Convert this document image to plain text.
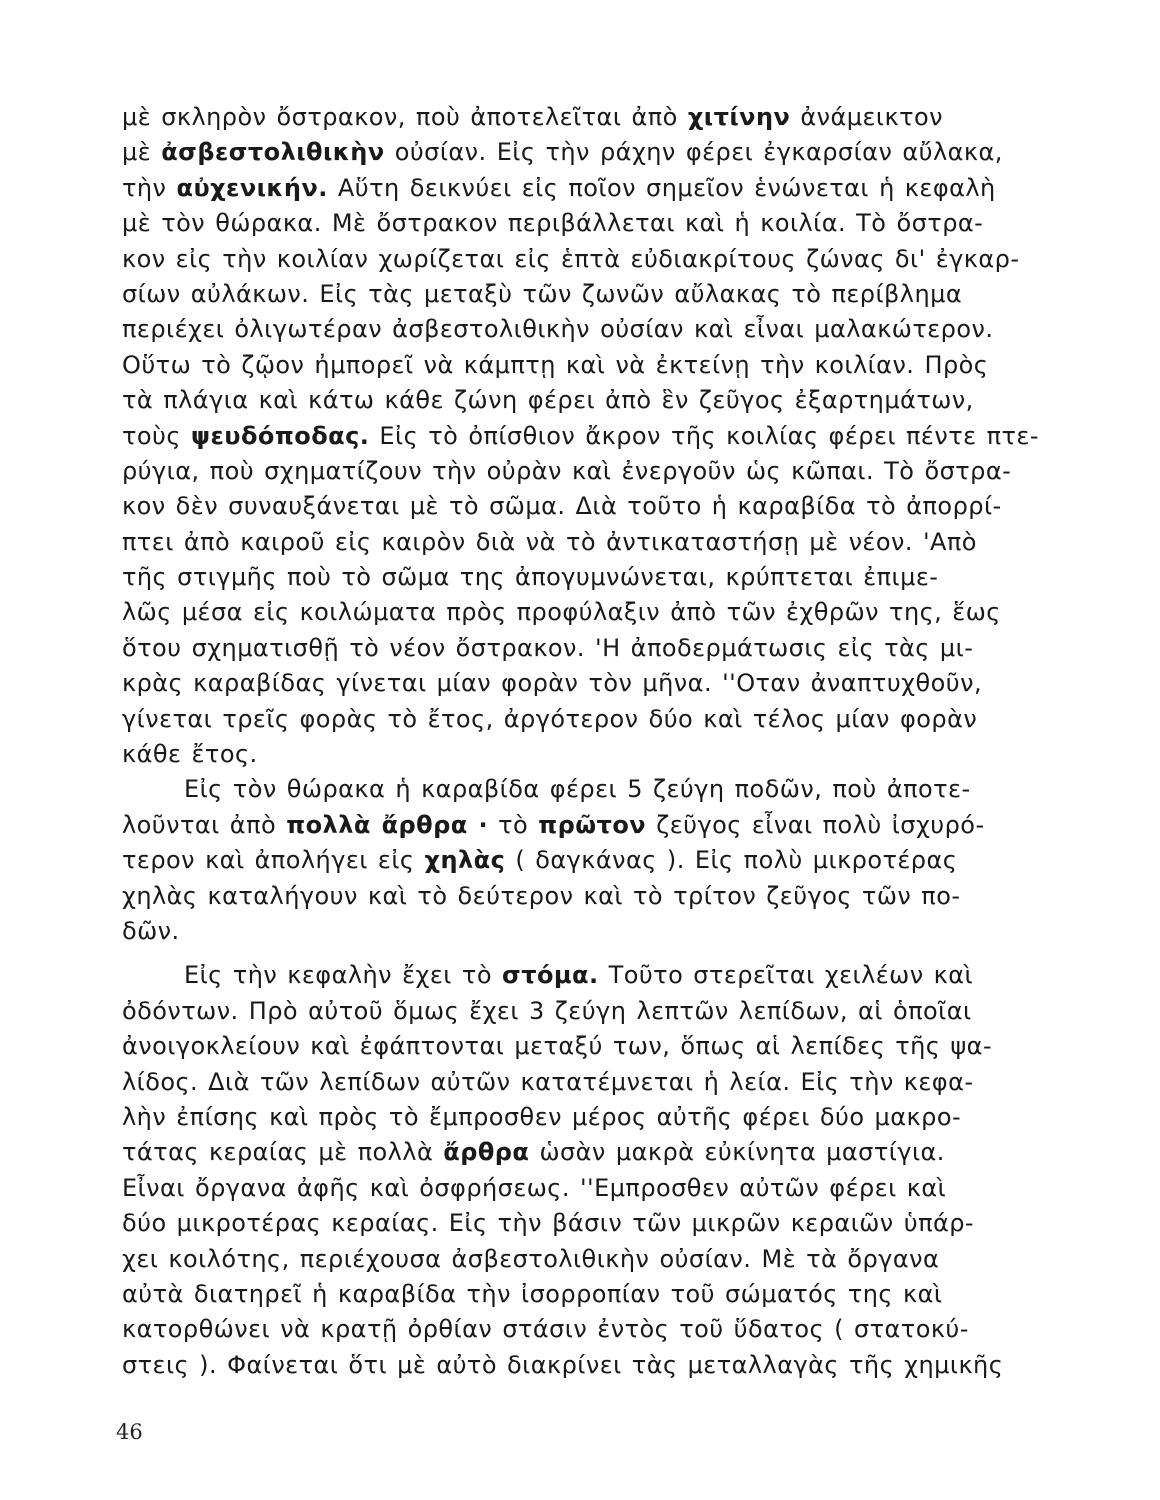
μὲ σκληρὸν ὄστρακον, ποὺ ἀποτελεῖται ἀπὸ χιτίνην ἀνάμεικτον
μὲ ἀσβεστολιθικὴν οὐσίαν. Εἰς τὴν ράχην φέρει ἐγκαρσίαν αὔλακα,
τὴν αὐχενικήν. Αὕτη δεικνύει εἰς ποῖον σημεῖον ἑνώνεται ἡ κεφαλὴ
μὲ τὸν θώρακα. Μὲ ὄστρακον περιβάλλεται καὶ ἡ κοιλία. Τὸ ὄστρα-
κον εἰς τὴν κοιλίαν χωρίζεται εἰς ἑπτὰ εὐδιακρίτους ζώνας δι' ἐγκαρ-
σίων αὐλάκων. Εἰς τὰς μεταξὺ τῶν ζωνῶν αὔλακας τὸ περίβλημα
περιέχει ὀλιγωτέραν ἀσβεστολιθικὴν οὐσίαν καὶ εἶναι μαλακώτερον.
Οὕτω τὸ ζῷον ἠμπορεῖ νὰ κάμπτῃ καὶ νὰ ἐκτείνῃ τὴν κοιλίαν. Πρὸς
τὰ πλάγια καὶ κάτω κάθε ζώνη φέρει ἀπὸ ἓν ζεῦγος ἐξαρτημάτων,
τοὺς ψευδόποδας. Εἰς τὸ ὀπίσθιον ἄκρον τῆς κοιλίας φέρει πέντε πτε-
ρύγια, ποὺ σχηματίζουν τὴν οὐρὰν καὶ ἐνεργοῦν ὡς κῶπαι. Τὸ ὄστρα-
κον δὲν συναυξάνεται μὲ τὸ σῶμα. Διὰ τοῦτο ἡ καραβίδα τὸ ἀπορρί-
πτει ἀπὸ καιροῦ εἰς καιρὸν διὰ νὰ τὸ ἀντικαταστήσῃ μὲ νέον. 'Απὸ
τῆς στιγμῆς ποὺ τὸ σῶμα της ἀπογυμνώνεται, κρύπτεται ἐπιμε-
λῶς μέσα εἰς κοιλώματα πρὸς προφύλαξιν ἀπὸ τῶν ἐχθρῶν της, ἕως
ὅτου σχηματισθῇ τὸ νέον ὄστρακον. 'Η ἀποδερμάτωσις εἰς τὰς μι-
κρὰς καραβίδας γίνεται μίαν φορὰν τὸν μῆνα. ''Οταν ἀναπτυχθοῦν,
γίνεται τρεῖς φορὰς τὸ ἔτος, ἀργότερον δύο καὶ τέλος μίαν φορὰν
κάθε ἔτος.
Εἰς τὸν θώρακα ἡ καραβίδα φέρει 5 ζεύγη ποδῶν, ποὺ ἀποτε-
λοῦνται ἀπὸ πολλὰ ἄρθρα · τὸ πρῶτον ζεῦγος εἶναι πολὺ ἰσχυρό-
τερον καὶ ἀπολήγει εἰς χηλὰς ( δαγκάνας ). Εἰς πολὺ μικροτέρας
χηλὰς καταλήγουν καὶ τὸ δεύτερον καὶ τὸ τρίτον ζεῦγος τῶν πο-
δῶν.
Εἰς τὴν κεφαλὴν ἔχει τὸ στόμα. Τοῦτο στερεῖται χειλέων καὶ
ὀδόντων. Πρὸ αὐτοῦ ὅμως ἔχει 3 ζεύγη λεπτῶν λεπίδων, αἱ ὁποῖαι
ἀνοιγοκλείουν καὶ ἐφάπτονται μεταξύ των, ὅπως αἱ λεπίδες τῆς ψα-
λίδος. Διὰ τῶν λεπίδων αὐτῶν κατατέμνεται ἡ λεία. Εἰς τὴν κεφα-
λὴν ἐπίσης καὶ πρὸς τὸ ἔμπροσθεν μέρος αὐτῆς φέρει δύο μακρο-
τάτας κεραίας μὲ πολλὰ ἄρθρα ὡσὰν μακρὰ εὐκίνητα μαστίγια.
Εἶναι ὄργανα ἀφῆς καὶ ὀσφρήσεως. ''Εμπροσθεν αὐτῶν φέρει καὶ
δύο μικροτέρας κεραίας. Εἰς τὴν βάσιν τῶν μικρῶν κεραιῶν ὑπάρ-
χει κοιλότης, περιέχουσα ἀσβεστολιθικὴν οὐσίαν. Μὲ τὰ ὄργανα
αὐτὰ διατηρεῖ ἡ καραβίδα τὴν ἰσορροπίαν τοῦ σώματός της καὶ
κατορθώνει νὰ κρατῇ ὀρθίαν στάσιν ἐντὸς τοῦ ὕδατος ( στατοκύ-
στεις ). Φαίνεται ὅτι μὲ αὐτὸ διακρίνει τὰς μεταλλαγὰς τῆς χημικῆς
46
